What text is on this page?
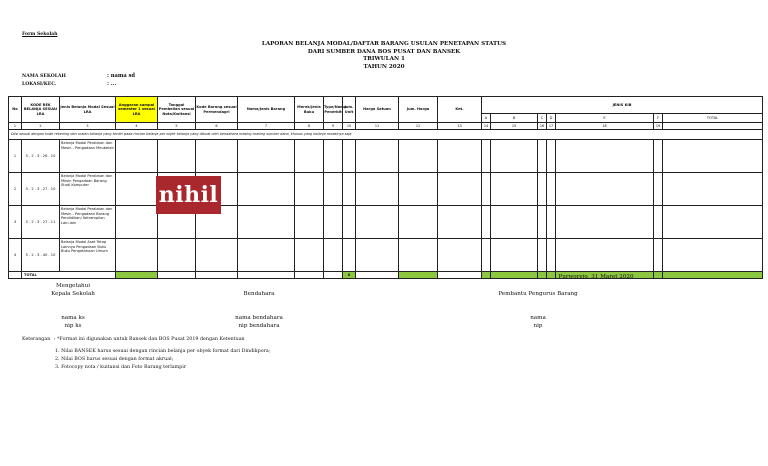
Form Sekolah
LAPORAN BELANJA MODAL/DAFTAR BARANG USULAN PENETAPAN STATUS
DARI SUMBER DANA BOS PUSAT DAN BANSEK
TRIWULAN 1
TAHUN 2020
NAMA SEKOLAH	: nama sd
LOKASI/KEC.	: ...
No	KODE REK BELANJA SESUAI LRA	Jenis Belanja Modal Sesuai LRA	Anggaran sampai semester 1 sesuai LRA	Tanggal Pembelian sesuai Nota/Kwitansi	Kode Barang sesuai Permendagri	Nama/Jenis Barang	Merek/Jenis Buku	Type/Nama Penerbit	Jum. Unit	Harga Satuan	Jum. Harga	Ket.	JENIS KIB						
													A	B	C	D	E	F	TOTAL
1	2	3	4	5	6	7	8	9	10	11	12	13	14	15	16	17	18	19	
Diisi sesuai dengan kode rekening dan uraian belanja yang terdiri pada rincian belanja per objek belanja yang dibuat oleh bendahara masing-masing sumber dana, khusus yang belanja modalnya saja																			
1	5 . 2 . 3 . 26 . 10	Belanja Modal Peralatan dan Mesin - Pengadaan Meubelair																	
2	5 . 2 . 3 . 27 . 10	Belanja Modal Peralatan dan Mesin Pengadaan Barang Studi Komputer																	
3	5 . 2 . 3 . 27 . 11	Belanja Modal Peralatan dan Mesin - Pengadaan Barang Pendidikan/ Ketrampilan Lain-lain																	
4	5 . 2 . 3 . 40 . 10	Belanja Modal Aset Tetap Lainnya Pengadaan Buku Buku Pengetahuan Umum																	
	TOTAL								0										
nihil
Purworejo, 31 Maret 2020
Mengetahui
Kepala Sekolah	Bendahara	Pembantu Pengurus Barang
nama ks
nip ks
nama bendahara
nip bendahara
nama
nip
Keterangan : *Format ini digunakan untuk Bansek dan BOS Pusat 2019 dengan Ketentuan
1. Nilai BANSEK harus sesuai dengan rincian belanja per obyek format dari Dindikpora;
2. Nilai BOS harus sesuai dengan format akrual;
3. Fotocopy nota / kuitansi dan Foto Barang terlampir
